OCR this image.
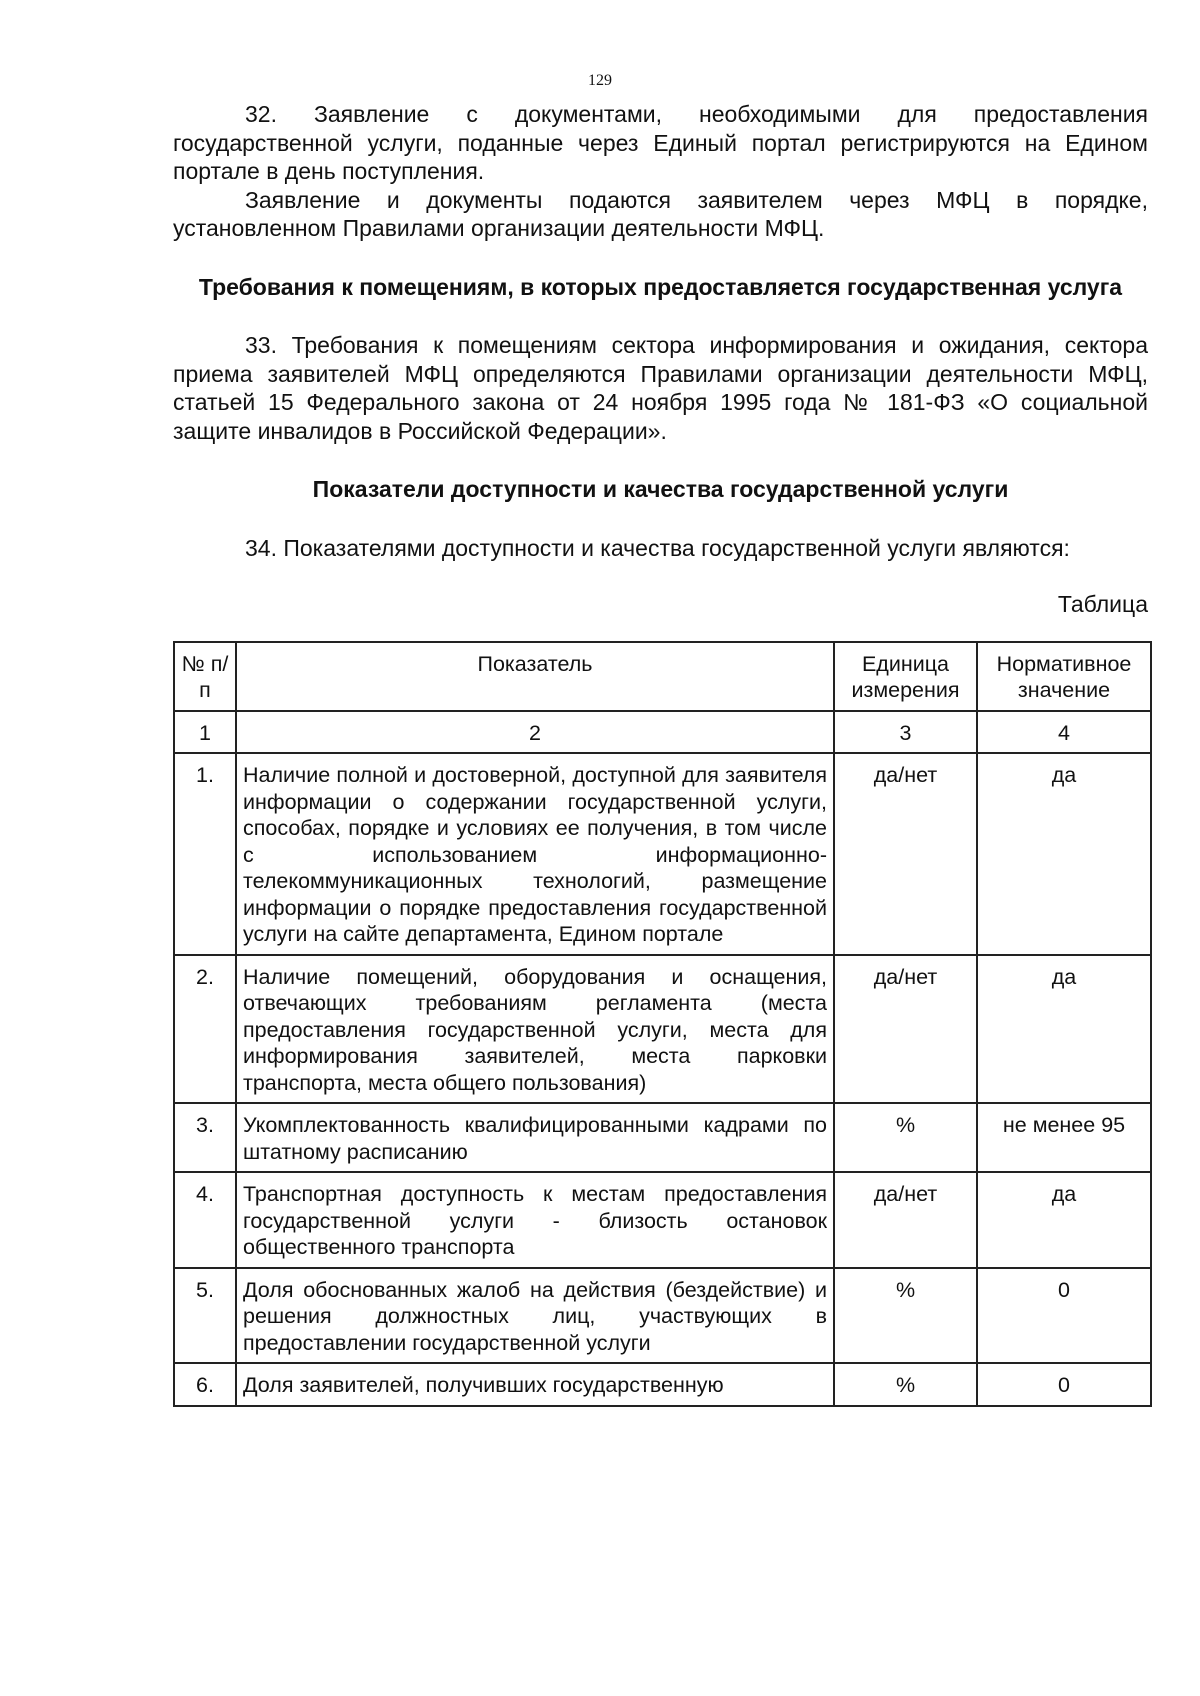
129

32. Заявление с документами, необходимыми для предоставления государственной услуги, поданные через Единый портал регистрируются на Едином портале в день поступления.

Заявление и документы подаются заявителем через МФЦ в порядке, установленном Правилами организации деятельности МФЦ.

Требования к помещениям, в которых предоставляется государственная услуга

33. Требования к помещениям сектора информирования и ожидания, сектора приема заявителей МФЦ определяются Правилами организации деятельности МФЦ, статьей 15 Федерального закона от 24 ноября 1995 года № 181-ФЗ «О социальной защите инвалидов в Российской Федерации».

Показатели доступности и качества государственной услуги

34. Показателями доступности и качества государственной услуги являются:

Таблица

№ п/п	Показатель	Единица измерения	Нормативное значение
1	2	3	4
1.	Наличие полной и достоверной, доступной для заявителя информации о содержании государственной услуги, способах, порядке и условиях ее получения, в том числе с использованием информационно-телекоммуникационных технологий, размещение информации о порядке предоставления государственной услуги на сайте департамента, Едином портале	да/нет	да
2.	Наличие помещений, оборудования и оснащения, отвечающих требованиям регламента (места предоставления государственной услуги, места для информирования заявителей, места парковки транспорта, места общего пользования)	да/нет	да
3.	Укомплектованность квалифицированными кадрами по штатному расписанию	%	не менее 95
4.	Транспортная доступность к местам предоставления государственной услуги - близость остановок общественного транспорта	да/нет	да
5.	Доля обоснованных жалоб на действия (бездействие) и решения должностных лиц, участвующих в предоставлении государственной услуги	%	0
6.	Доля заявителей, получивших государственную	%	0
